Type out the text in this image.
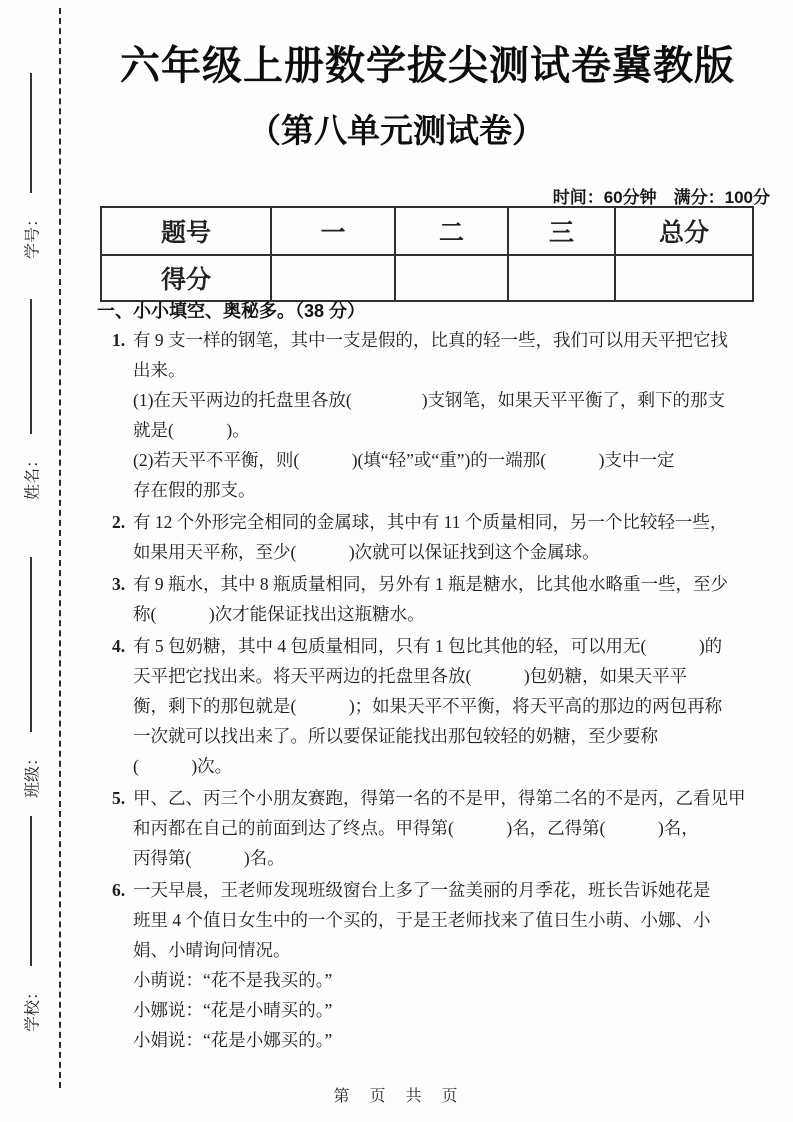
学号：
姓名：
班级：
学校：
六年级上册数学拔尖测试卷冀教版
（第八单元测试卷）
时间：60分钟　满分：100分
题号	一	二	三	总分
得分				
一、小小填空、奥秘多。（38 分）
1. 有 9 支一样的钢笔，其中一支是假的，比真的轻一些，我们可以用天平把它找
出来。
(1)在天平两边的托盘里各放(　　　　)支钢笔，如果天平平衡了，剩下的那支
就是(　　　)。
(2)若天平不平衡，则(　　　)(填“轻”或“重”)的一端那(　　　)支中一定
存在假的那支。
2. 有 12 个外形完全相同的金属球，其中有 11 个质量相同，另一个比较轻一些，
如果用天平称，至少(　　　)次就可以保证找到这个金属球。
3. 有 9 瓶水，其中 8 瓶质量相同，另外有 1 瓶是糖水，比其他水略重一些，至少
称(　　　)次才能保证找出这瓶糖水。
4. 有 5 包奶糖，其中 4 包质量相同，只有 1 包比其他的轻，可以用无(　　　)的
天平把它找出来。将天平两边的托盘里各放(　　　)包奶糖，如果天平平
衡，剩下的那包就是(　　　)；如果天平不平衡，将天平高的那边的两包再称
一次就可以找出来了。所以要保证能找出那包较轻的奶糖，至少要称
(　　　)次。
5. 甲、乙、丙三个小朋友赛跑，得第一名的不是甲，得第二名的不是丙，乙看见甲
和丙都在自己的前面到达了终点。甲得第(　　　)名，乙得第(　　　)名，
丙得第(　　　)名。
6. 一天早晨，王老师发现班级窗台上多了一盆美丽的月季花，班长告诉她花是
班里 4 个值日女生中的一个买的，于是王老师找来了值日生小萌、小娜、小
娟、小晴询问情况。
小萌说：“花不是我买的。”
小娜说：“花是小晴买的。”
小娟说：“花是小娜买的。”
第　页　共　页
